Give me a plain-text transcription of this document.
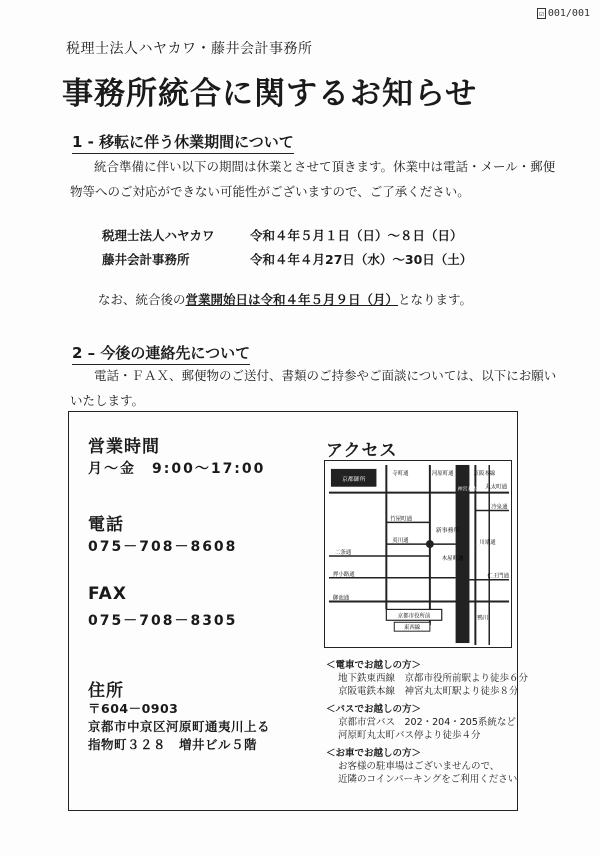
☑ 001/001
税理士法人ハヤカワ・藤井会計事務所
事務所統合に関するお知らせ
1 - 移転に伴う休業期間について
統合準備に伴い以下の期間は休業とさせて頂きます。休業中は電話・メール・郵便物等へのご対応ができない可能性がございますので、ご了承ください。
税理士法人ハヤカワ	令和４年５月１日（日）～８日（日）
藤井会計事務所	令和４年４月27日（水）～30日（土）
なお、統合後の営業開始日は令和４年５月９日（月）となります。
2 – 今後の連絡先について
電話・ＦＡＸ、郵便物のご送付、書類のご持参やご面談については、以下にお願いいたします。
営業時間
月～金　9:00～17:00
電話
075－708－8608
FAX
075－708－8305
住所
〒604－0903
京都市中京区河原町通夷川上る
指物町３２８　増井ビル５階
アクセス
京都御所
京都市役所前
東西線
寺町通	河原町通
神宮丸太町
京阪本線
丸太町通
竹屋町通
夷川通
二条通
押小路通
御池通
冷泉通
仁王門通
新事務所
木屋町通
川端通
鴨川
＜電車でお越しの方＞
地下鉄東西線　京都市役所前駅より徒歩６分
京阪電鉄本線　神宮丸太町駅より徒歩８分
＜バスでお越しの方＞
京都市営バス　202・204・205系統など
河原町丸太町バス停より徒歩４分
＜お車でお越しの方＞
お客様の駐車場はございませんので、
近隣のコインパーキングをご利用ください
